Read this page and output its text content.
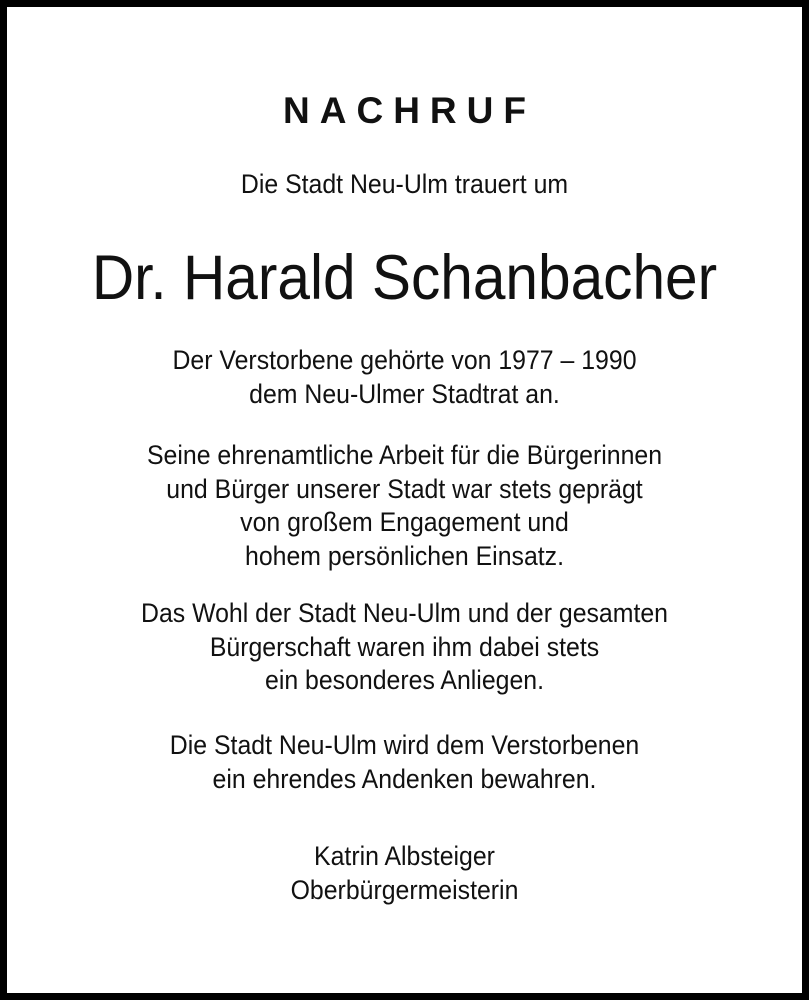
NACHRUF
Die Stadt Neu-Ulm trauert um
Dr. Harald Schanbacher
Der Verstorbene gehörte von 1977 – 1990
dem Neu-Ulmer Stadtrat an.
Seine ehrenamtliche Arbeit für die Bürgerinnen
und Bürger unserer Stadt war stets geprägt
von großem Engagement und
hohem persönlichen Einsatz.
Das Wohl der Stadt Neu-Ulm und der gesamten
Bürgerschaft waren ihm dabei stets
ein besonderes Anliegen.
Die Stadt Neu-Ulm wird dem Verstorbenen
ein ehrendes Andenken bewahren.
Katrin Albsteiger
Oberbürgermeisterin
